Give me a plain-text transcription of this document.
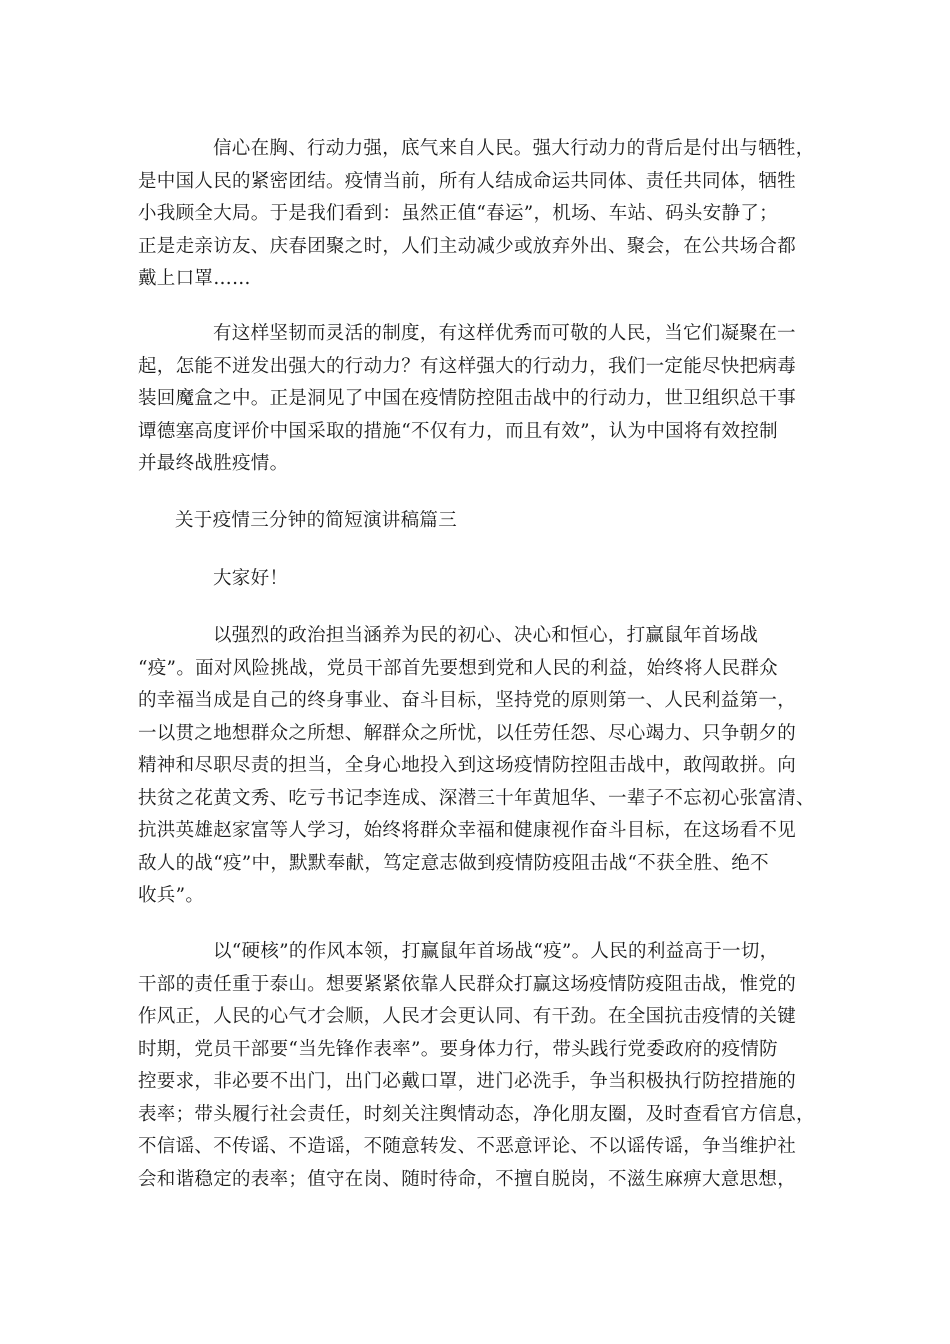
信心在胸、行动力强，底气来自人民。强大行动力的背后是付出与牺牲，
是中国人民的紧密团结。疫情当前，所有人结成命运共同体、责任共同体，牺牲
小我顾全大局。于是我们看到：虽然正值“春运”，机场、车站、码头安静了；
正是走亲访友、庆春团聚之时，人们主动减少或放弃外出、聚会，在公共场合都
戴上口罩……
有这样坚韧而灵活的制度，有这样优秀而可敬的人民，当它们凝聚在一
起，怎能不迸发出强大的行动力？有这样强大的行动力，我们一定能尽快把病毒
装回魔盒之中。正是洞见了中国在疫情防控阻击战中的行动力，世卫组织总干事
谭德塞高度评价中国采取的措施“不仅有力，而且有效”，认为中国将有效控制
并最终战胜疫情。
关于疫情三分钟的简短演讲稿篇三
大家好！
以强烈的政治担当涵养为民的初心、决心和恒心，打赢鼠年首场战
“疫”。面对风险挑战，党员干部首先要想到党和人民的利益，始终将人民群众
的幸福当成是自己的终身事业、奋斗目标，坚持党的原则第一、人民利益第一，
一以贯之地想群众之所想、解群众之所忧，以任劳任怨、尽心竭力、只争朝夕的
精神和尽职尽责的担当，全身心地投入到这场疫情防控阻击战中，敢闯敢拼。向
扶贫之花黄文秀、吃亏书记李连成、深潜三十年黄旭华、一辈子不忘初心张富清、
抗洪英雄赵家富等人学习，始终将群众幸福和健康视作奋斗目标，在这场看不见
敌人的战“疫”中，默默奉献，笃定意志做到疫情防疫阻击战“不获全胜、绝不
收兵”。
以“硬核”的作风本领，打赢鼠年首场战“疫”。人民的利益高于一切，
干部的责任重于泰山。想要紧紧依靠人民群众打赢这场疫情防疫阻击战，惟党的
作风正，人民的心气才会顺，人民才会更认同、有干劲。在全国抗击疫情的关键
时期，党员干部要“当先锋作表率”。要身体力行，带头践行党委政府的疫情防
控要求，非必要不出门，出门必戴口罩，进门必洗手，争当积极执行防控措施的
表率；带头履行社会责任，时刻关注舆情动态，净化朋友圈，及时查看官方信息，
不信谣、不传谣、不造谣，不随意转发、不恶意评论、不以谣传谣，争当维护社
会和谐稳定的表率；值守在岗、随时待命，不擅自脱岗，不滋生麻痹大意思想，
